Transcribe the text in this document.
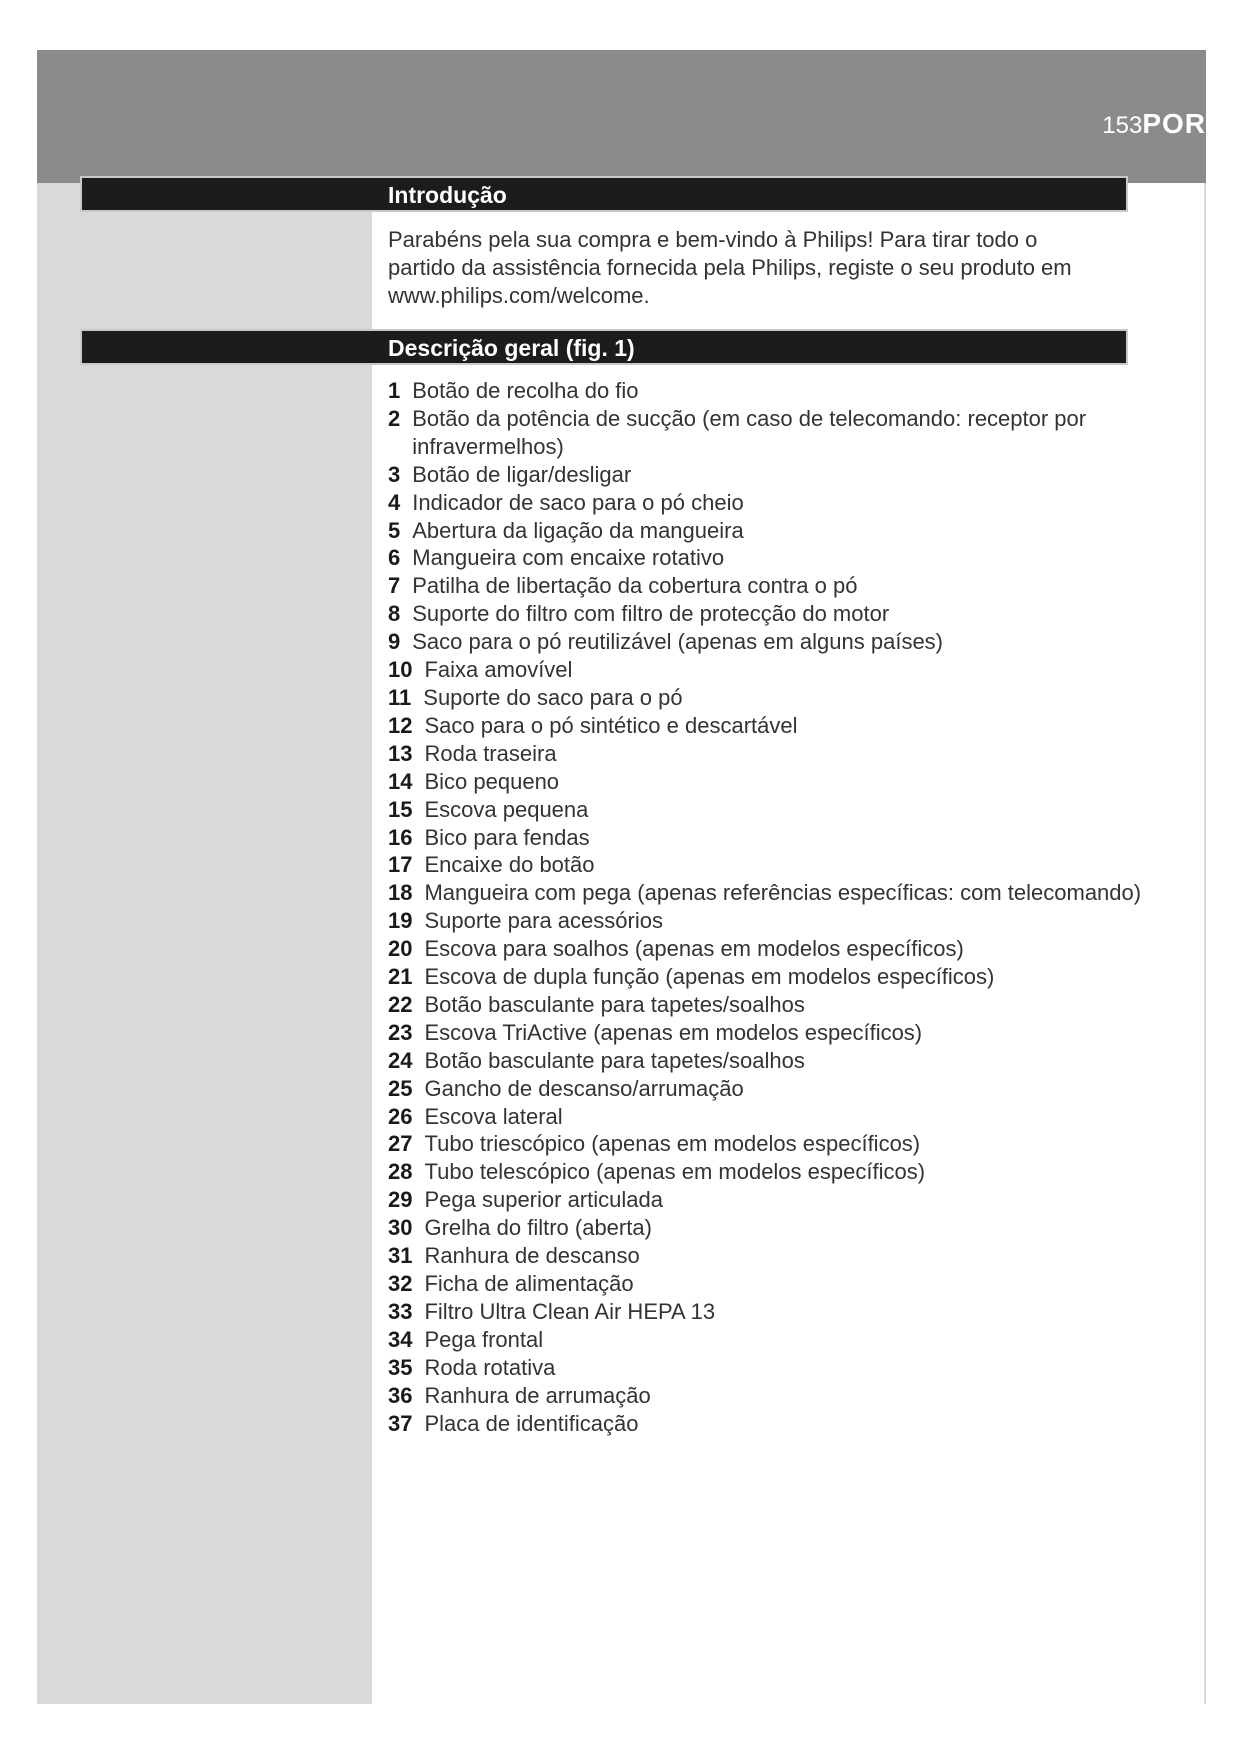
153POR
Introdução

Parabéns pela sua compra e bem-vindo à Philips! Para tirar todo o partido da assistência fornecida pela Philips, registe o seu produto em www.philips.com/welcome.

Descrição geral (fig. 1)
1 Botão de recolha do fio
2 Botão da potência de sucção (em caso de telecomando: receptor por infravermelhos)
3 Botão de ligar/desligar
4 Indicador de saco para o pó cheio
5 Abertura da ligação da mangueira
6 Mangueira com encaixe rotativo
7 Patilha de libertação da cobertura contra o pó
8 Suporte do filtro com filtro de protecção do motor
9 Saco para o pó reutilizável (apenas em alguns países)
10 Faixa amovível
11 Suporte do saco para o pó
12 Saco para o pó sintético e descartável
13 Roda traseira
14 Bico pequeno
15 Escova pequena
16 Bico para fendas
17 Encaixe do botão
18 Mangueira com pega (apenas referências específicas: com telecomando)
19 Suporte para acessórios
20 Escova para soalhos (apenas em modelos específicos)
21 Escova de dupla função (apenas em modelos específicos)
22 Botão basculante para tapetes/soalhos
23 Escova TriActive (apenas em modelos específicos)
24 Botão basculante para tapetes/soalhos
25 Gancho de descanso/arrumação
26 Escova lateral
27 Tubo triescópico (apenas em modelos específicos)
28 Tubo telescópico (apenas em modelos específicos)
29 Pega superior articulada
30 Grelha do filtro (aberta)
31 Ranhura de descanso
32 Ficha de alimentação
33 Filtro Ultra Clean Air HEPA 13
34 Pega frontal
35 Roda rotativa
36 Ranhura de arrumação
37 Placa de identificação
